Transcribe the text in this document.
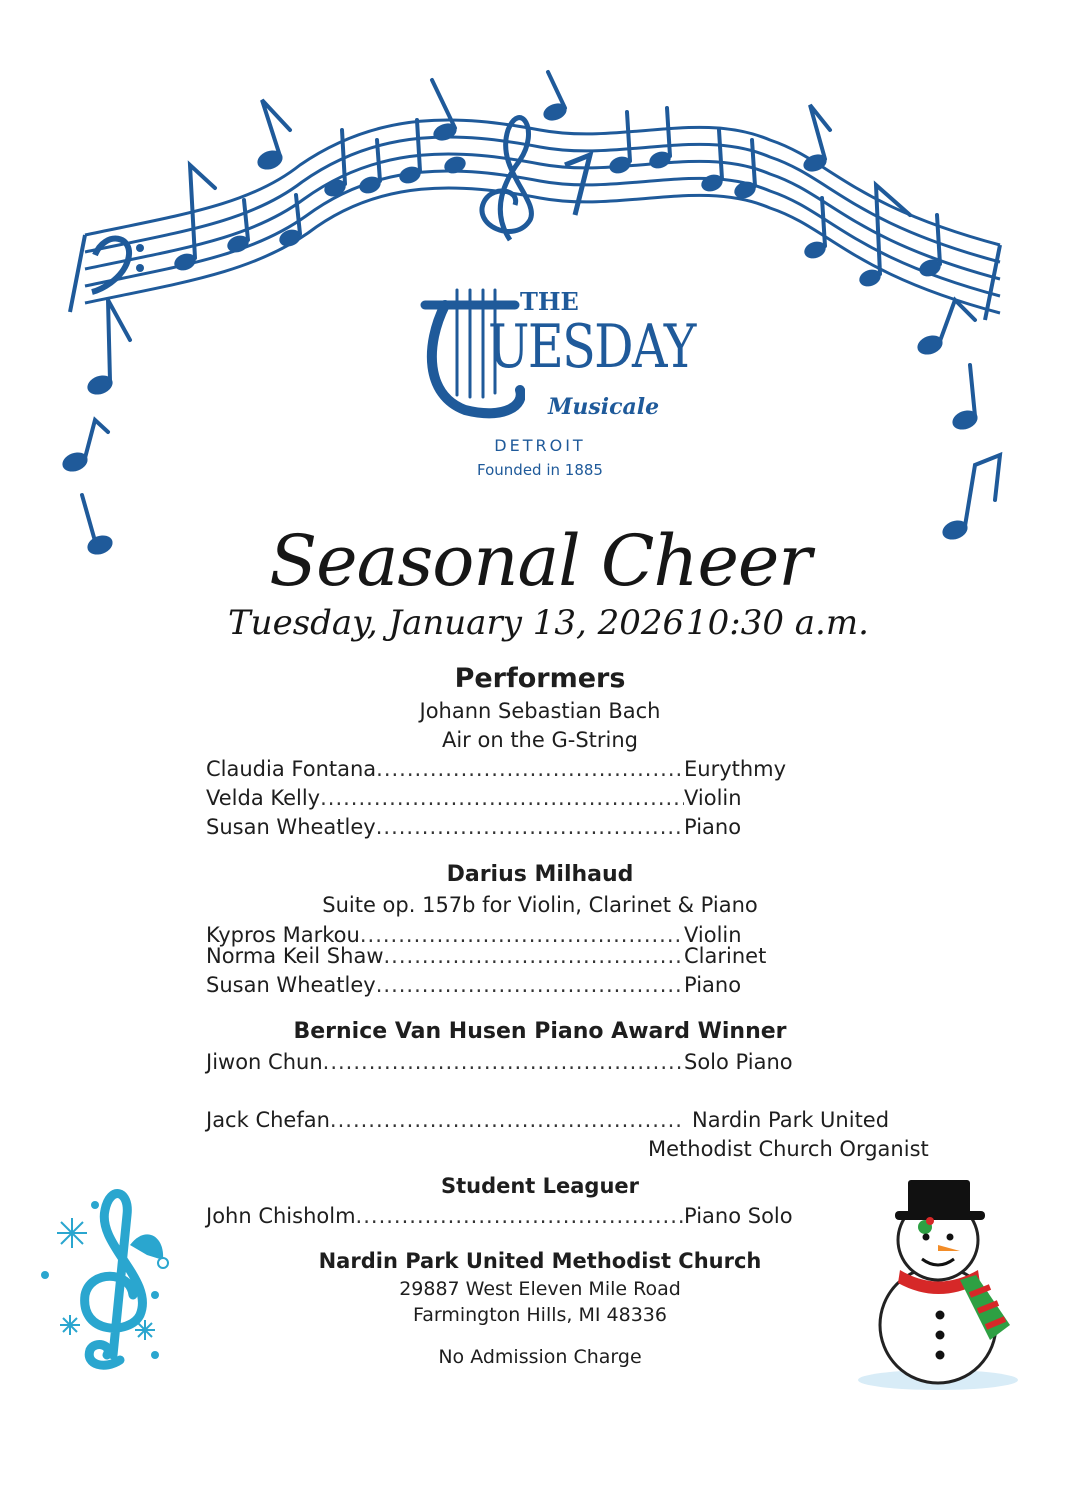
THE
UESDAY
Musicale
DETROIT
Founded in 1885
Seasonal Cheer
Tuesday, January 13, 2026 10:30 a.m.
Performers
Johann Sebastian Bach
Air on the G-String
Claudia Fontana .....	Eurythmy
Velda Kelly .....	Violin
Susan Wheatley .....	Piano
Darius Milhaud
Suite op. 157b for Violin, Clarinet & Piano
Kypros Markou .....	Violin
Norma Keil Shaw .....	Clarinet
Susan Wheatley .....	Piano
Bernice Van Husen Piano Award Winner
Jiwon Chun .....	Solo Piano
Jack Chefan .....	Nardin Park United
Methodist Church Organist
Student Leaguer
John Chisholm .....	Piano Solo
Nardin Park United Methodist Church
29887 West Eleven Mile Road
Farmington Hills, MI 48336
No Admission Charge
